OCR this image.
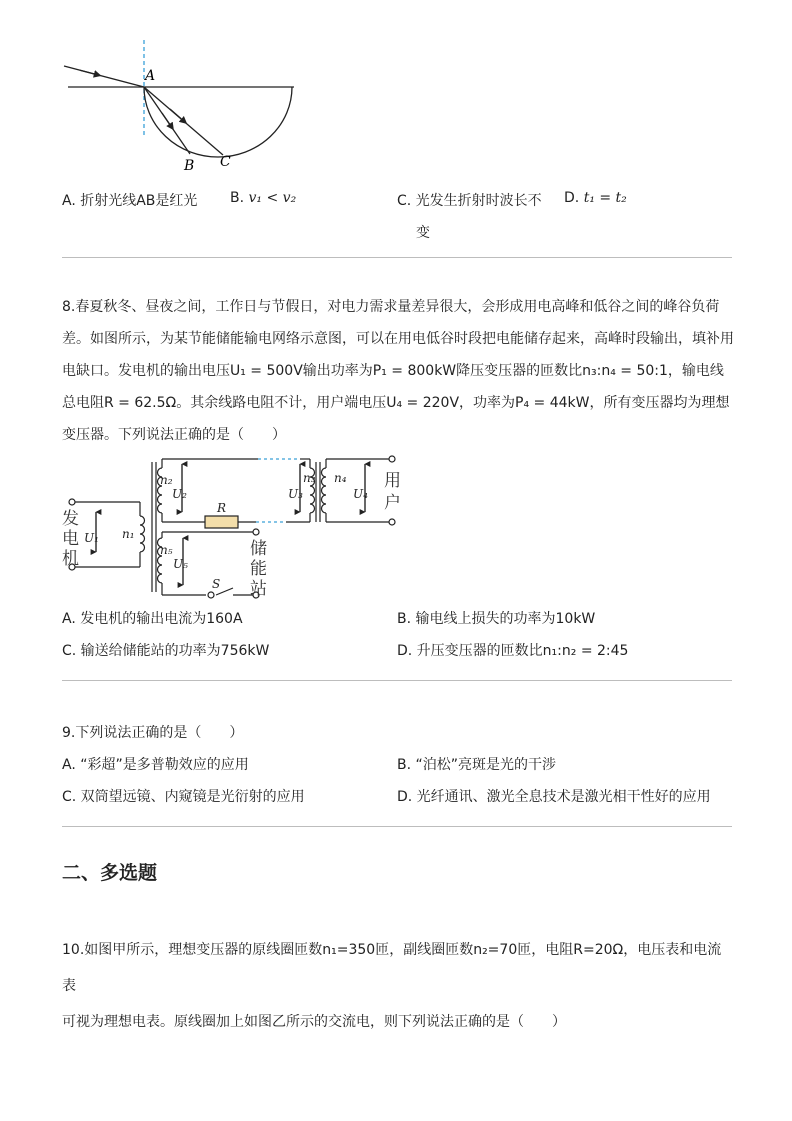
A
B C
A. 折射光线AB是红光 B. v₁ < v₂	C. 光发生折射时波长不
变
D. t₁ = t₂
8.春夏秋冬、昼夜之间，工作日与节假日，对电力需求量差异很大，会形成用电高峰和低谷之间的峰谷负荷
差。如图所示，为某节能储能输电网络示意图，可以在用电低谷时段把电能储存起来，高峰时段输出，填补用
电缺口。发电机的输出电压U₁ = 500V输出功率为P₁ = 800kW降压变压器的匝数比n₃:n₄ = 50:1，输电线
总电阻R = 62.5Ω。其余线路电阻不计，用户端电压U₄ = 220V，功率为P₄ = 44kW，所有变压器均为理想
变压器。下列说法正确的是（　　）
发
电
机
用
户
储
能
站
n₁
n₂	n₃ n₄
n₅
U₁
U₂	U₃	U₄
U₅
R
S
A. 发电机的输出电流为160A	B. 输电线上损失的功率为10kW
C. 输送给储能站的功率为756kW	D. 升压变压器的匝数比n₁:n₂ = 2:45
9.下列说法正确的是（　　）
A. “彩超”是多普勒效应的应用	B. “泊松”亮斑是光的干涉
C. 双筒望远镜、内窥镜是光衍射的应用	D. 光纤通讯、激光全息技术是激光相干性好的应用
二、多选题
10.如图甲所示，理想变压器的原线圈匝数n₁=350匝，副线圈匝数n₂=70匝，电阻R=20Ω，电压表和电流表
可视为理想电表。原线圈加上如图乙所示的交流电，则下列说法正确的是（　　）
